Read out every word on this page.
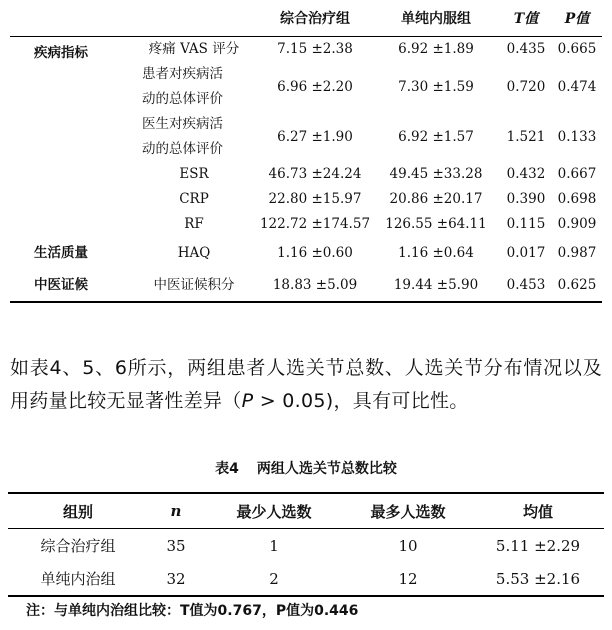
		综合治疗组	单纯内服组	T值	P值
疾病指标	疼痛 VAS 评分	7.15 ±2.38	6.92 ±1.89	0.435	0.665

	患者对疾病活
动的总体评价	6.96 ±2.20	7.30 ±1.59	0.720	0.474

	医生对疾病活
动的总体评价	6.27 ±1.90	6.92 ±1.57	1.521	0.133
	ESR	46.73 ±24.24	49.45 ±33.28	0.432	0.667
	CRP	22.80 ±15.97	20.86 ±20.17	0.390	0.698
	RF	122.72 ±174.57	126.55 ±64.11	0.115	0.909
生活质量	HAQ	1.16 ±0.60	1.16 ±0.64	0.017	0.987
中医证候	中医证候积分	18.83 ±5.09	19.44 ±5.90	0.453	0.625

如表4、5、6所示，两组患者人选关节总数、人选关节分布情况以及用药量比较无显著性差异（P > 0.05)，具有可比性。

表4 两组人选关节总数比较
组别	n	最少人选数	最多人选数	均值
综合治疗组	35	1	10	5.11 ±2.29
单纯内治组	32	2	12	5.53 ±2.16
注：与单纯内治组比较：T值为0.767，P值为0.446
